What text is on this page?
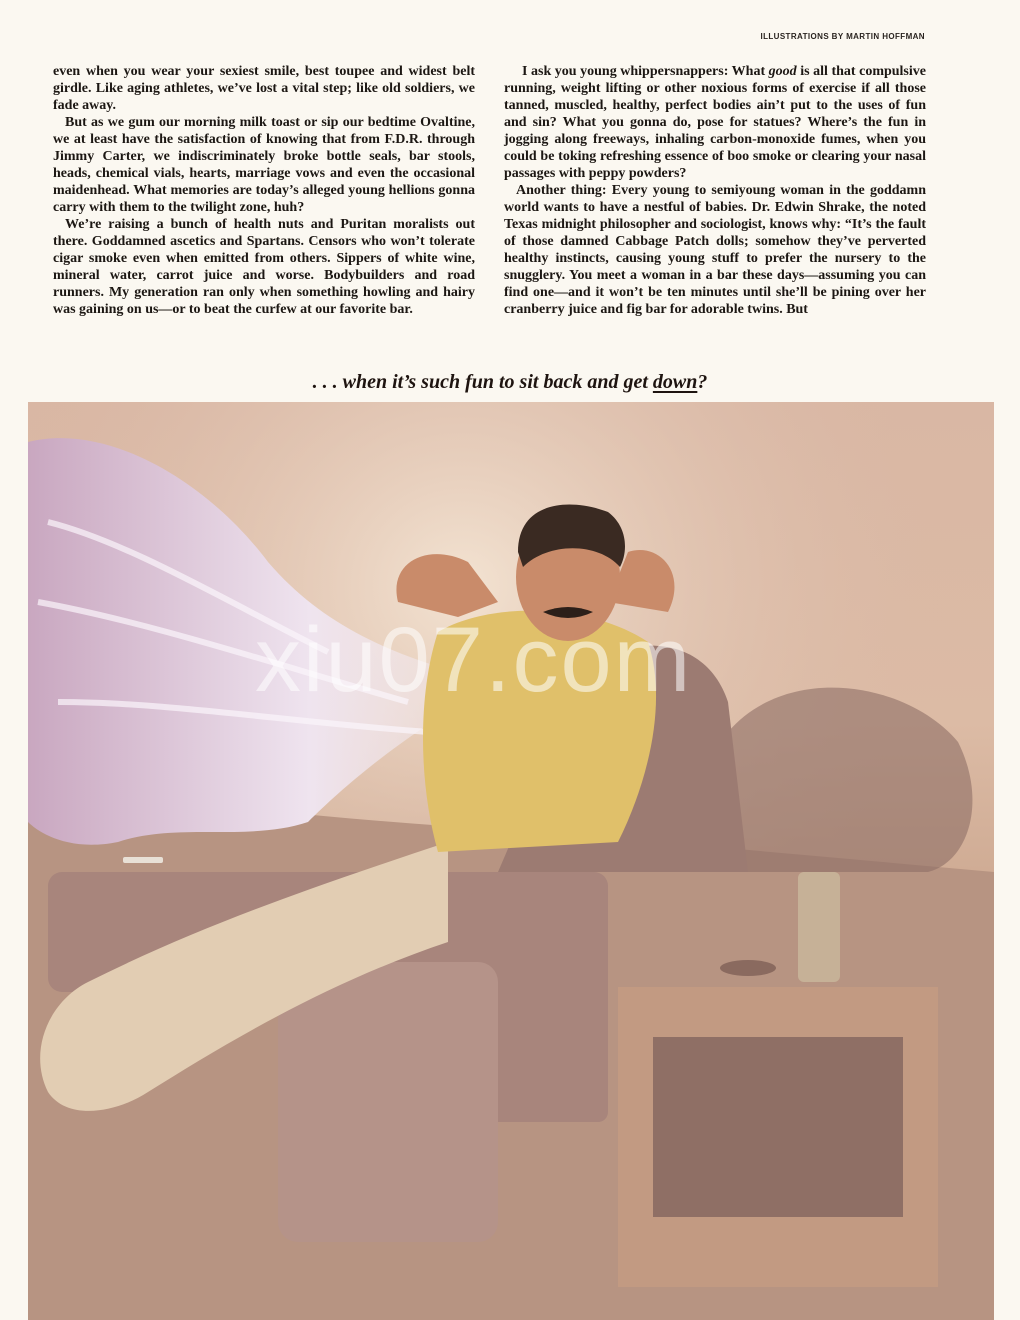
ILLUSTRATIONS BY MARTIN HOFFMAN

even when you wear your sexiest smile, best toupee and widest belt girdle. Like aging athletes, we’ve lost a vital step; like old soldiers, we fade away.

But as we gum our morning milk toast or sip our bedtime Ovaltine, we at least have the satisfaction of knowing that from F.D.R. through Jimmy Carter, we indiscriminately broke bottle seals, bar stools, heads, chemical vials, hearts, marriage vows and even the occasional maidenhead. What memories are today’s alleged young hellions gonna carry with them to the twilight zone, huh?

We’re raising a bunch of health nuts and Puritan moralists out there. Goddamned ascetics and Spartans. Censors who won’t tolerate cigar smoke even when emitted from others. Sippers of white wine, mineral water, carrot juice and worse. Bodybuilders and road runners. My generation ran only when something howling and hairy was gaining on us—or to beat the curfew at our favorite bar.

I ask you young whippersnappers: What good is all that compulsive running, weight lifting or other noxious forms of exercise if all those tanned, muscled, healthy, perfect bodies ain’t put to the uses of fun and sin? What you gonna do, pose for statues? Where’s the fun in jogging along freeways, inhaling carbon-monoxide fumes, when you could be toking refreshing essence of boo smoke or clearing your nasal passages with peppy powders?

Another thing: Every young to semiyoung woman in the goddamn world wants to have a nestful of babies. Dr. Edwin Shrake, the noted Texas midnight philosopher and sociologist, knows why: “It’s the fault of those damned Cabbage Patch dolls; somehow they’ve perverted healthy instincts, causing young stuff to prefer the nursery to the snugglery. You meet a woman in a bar these days—assuming you can find one—and it won’t be ten minutes until she’ll be pining over her cranberry juice and fig bar for adorable twins. But

. . . when it’s such fun to sit back and get down?
xiu07.com
